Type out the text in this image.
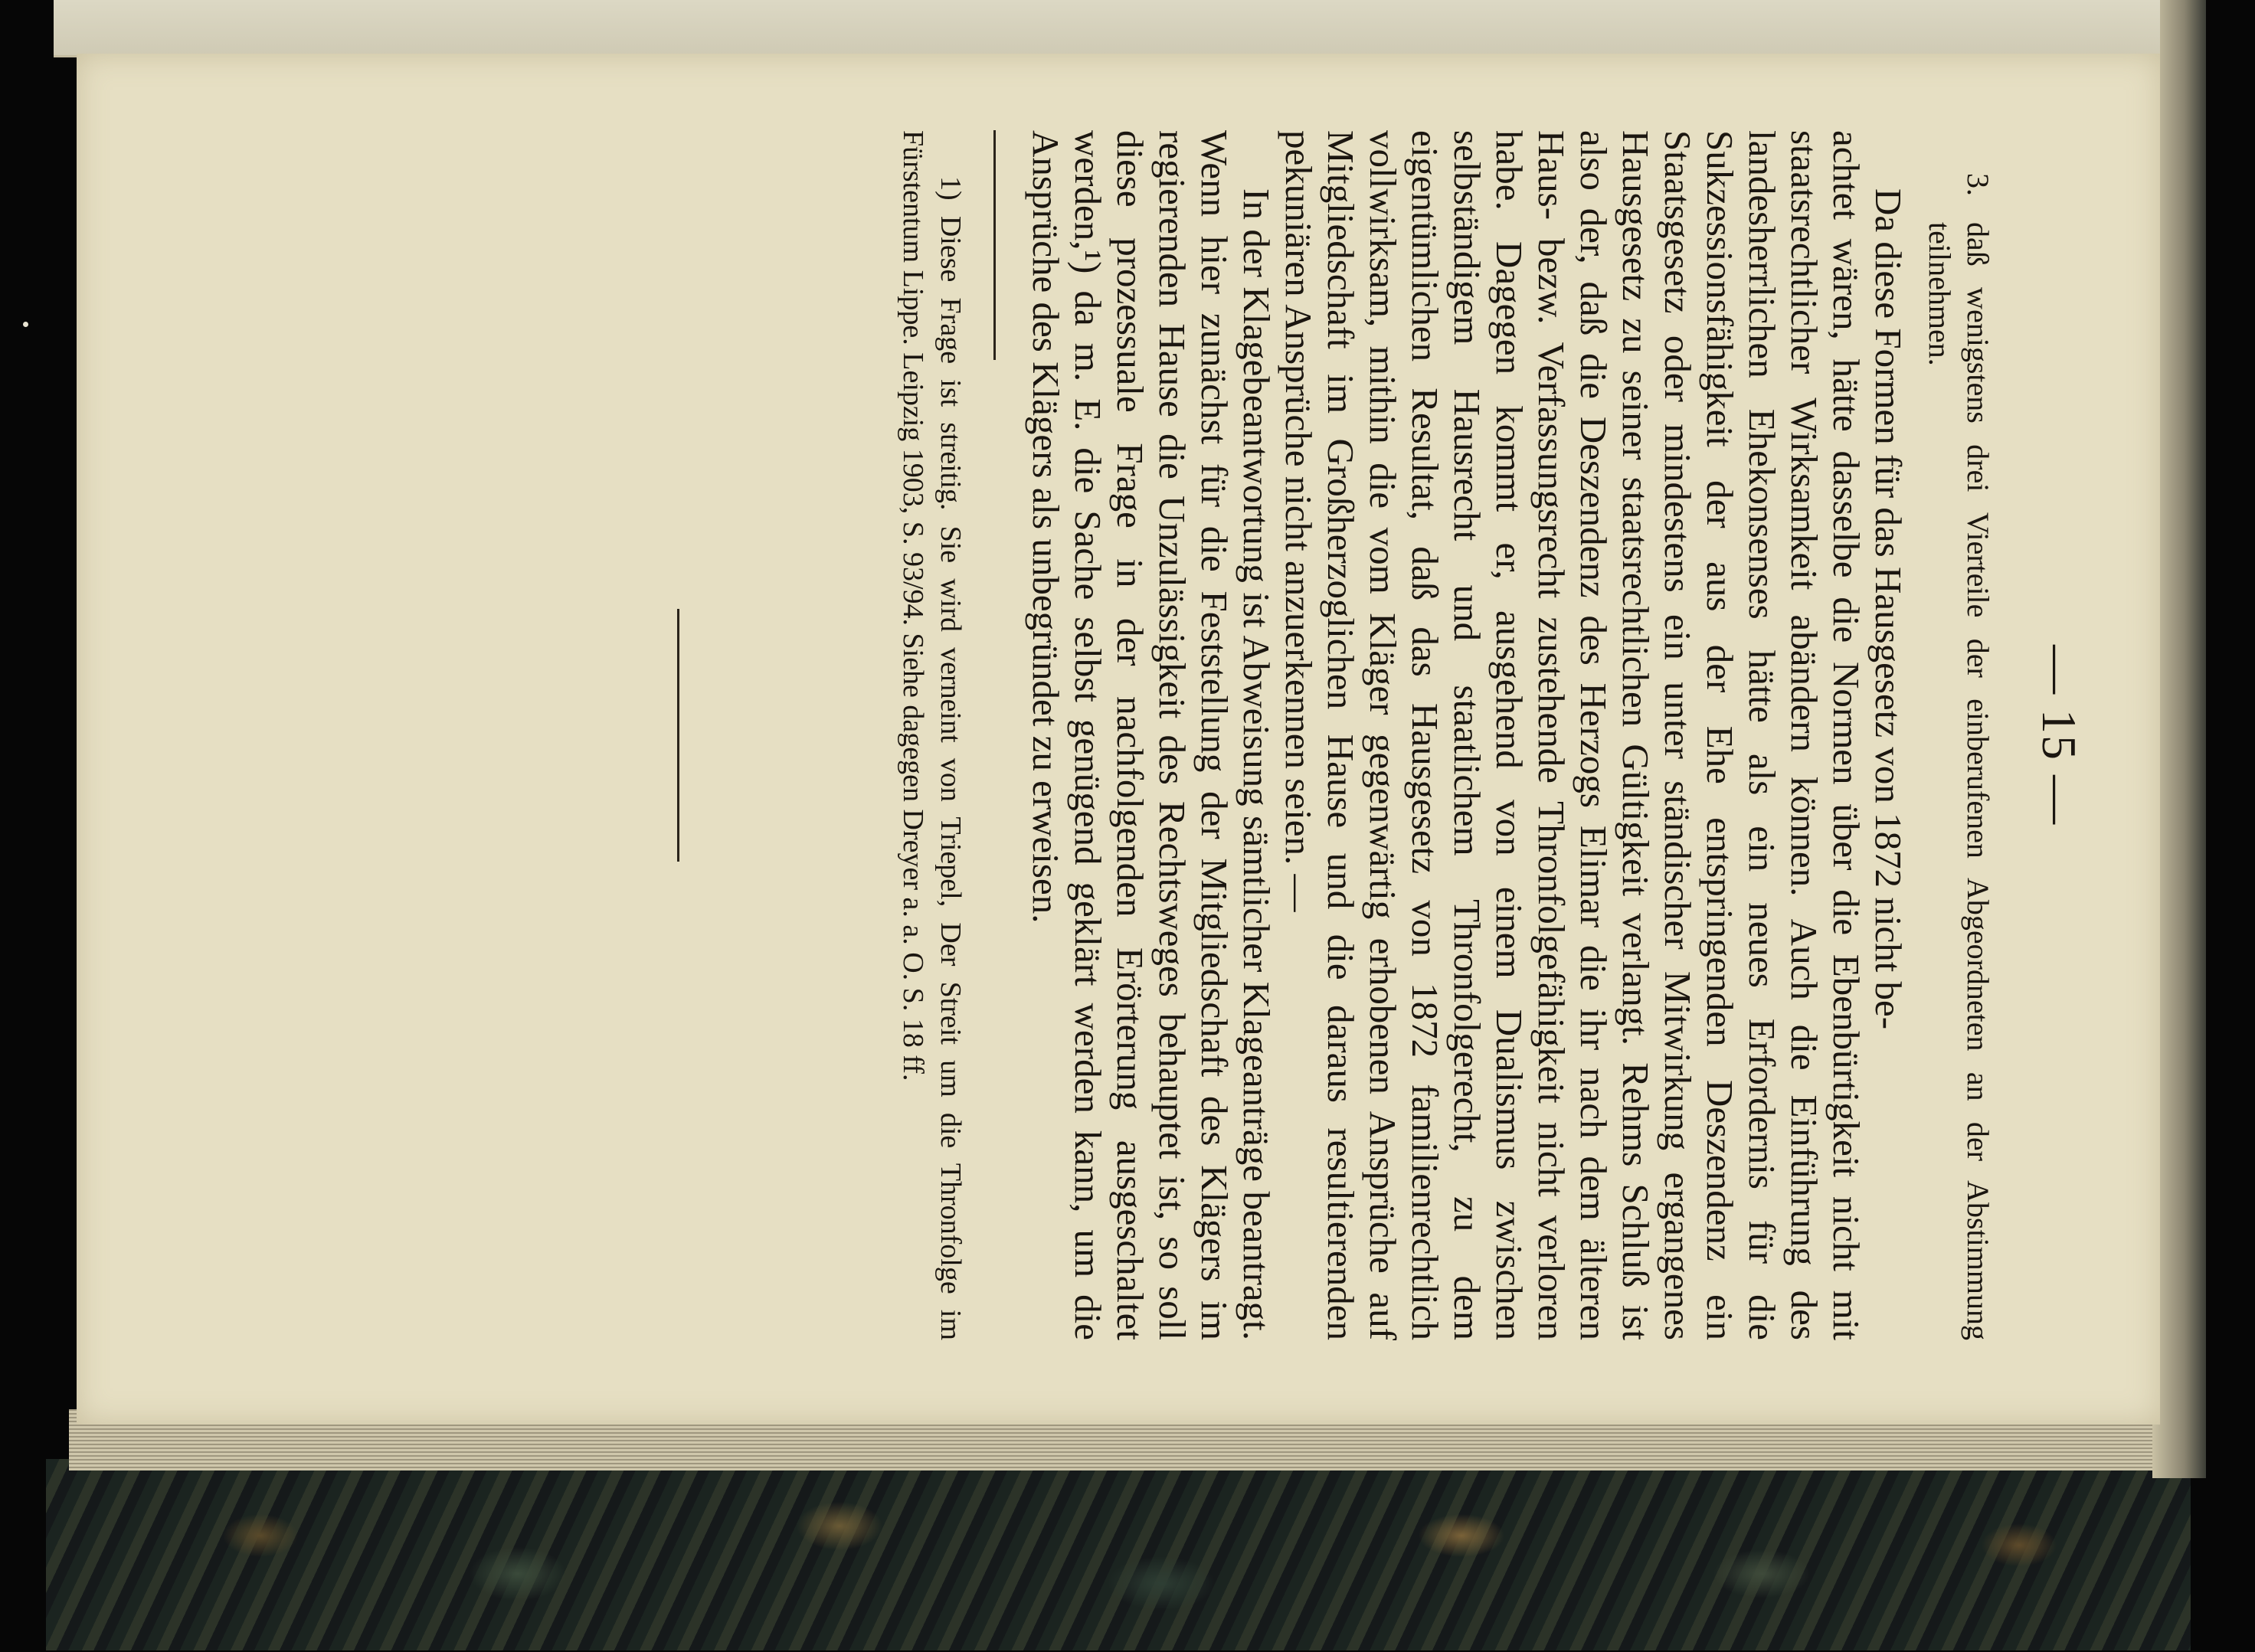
— 15 —
3.
daß wenigstens drei Vierteile der einberufenen Abgeordneten an der Abstimmung teilnehmen.

Da diese Formen für das Hausgesetz von 1872 nicht be-

achtet wären, hätte dasselbe die Normen über die Ebenbürtigkeit nicht mit staatsrechtlicher Wirksamkeit abändern können. Auch die Einführung des landesherrlichen Ehekonsenses hätte als ein neues Erfordernis für die Sukzessionsfähigkeit der aus der Ehe entspringenden Deszendenz ein Staatsgesetz oder mindestens ein unter ständischer Mitwirkung ergangenes Hausgesetz zu seiner staatsrechtlichen Gültigkeit verlangt. Rehms Schluß ist also der, daß die Deszendenz des Herzogs Elimar die ihr nach dem älteren Haus- bezw. Verfassungsrecht zustehende Thronfolgefähigkeit nicht verloren habe. Dagegen kommt er, ausgehend von einem Dualismus zwischen selbständigem Hausrecht und staatlichem Thronfolgerecht, zu dem eigentümlichen Resultat, daß das Hausgesetz von 1872 familienrechtlich vollwirksam, mithin die vom Kläger gegenwärtig erhobenen Ansprüche auf Mitgliedschaft im Großherzoglichen Hause und die daraus resultierenden pekuniären Ansprüche nicht anzuerkennen seien. —

In der Klagebeantwortung ist Abweisung sämtlicher Klageanträge beantragt. Wenn hier zunächst für die Feststellung der Mitgliedschaft des Klägers im regierenden Hause die Unzulässigkeit des Rechtsweges behauptet ist, so soll diese prozessuale Frage in der nachfolgenden Erörterung ausgeschaltet werden,¹) da m. E. die Sache selbst genügend geklärt werden kann, um die Ansprüche des Klägers als unbegründet zu erweisen.

1) Diese Frage ist streitig. Sie wird verneint von Triepel, Der Streit um die Thronfolge im Fürstentum Lippe. Leipzig 1903, S. 93/94. Siehe dagegen Dreyer a. a. O. S. 18 ff.
